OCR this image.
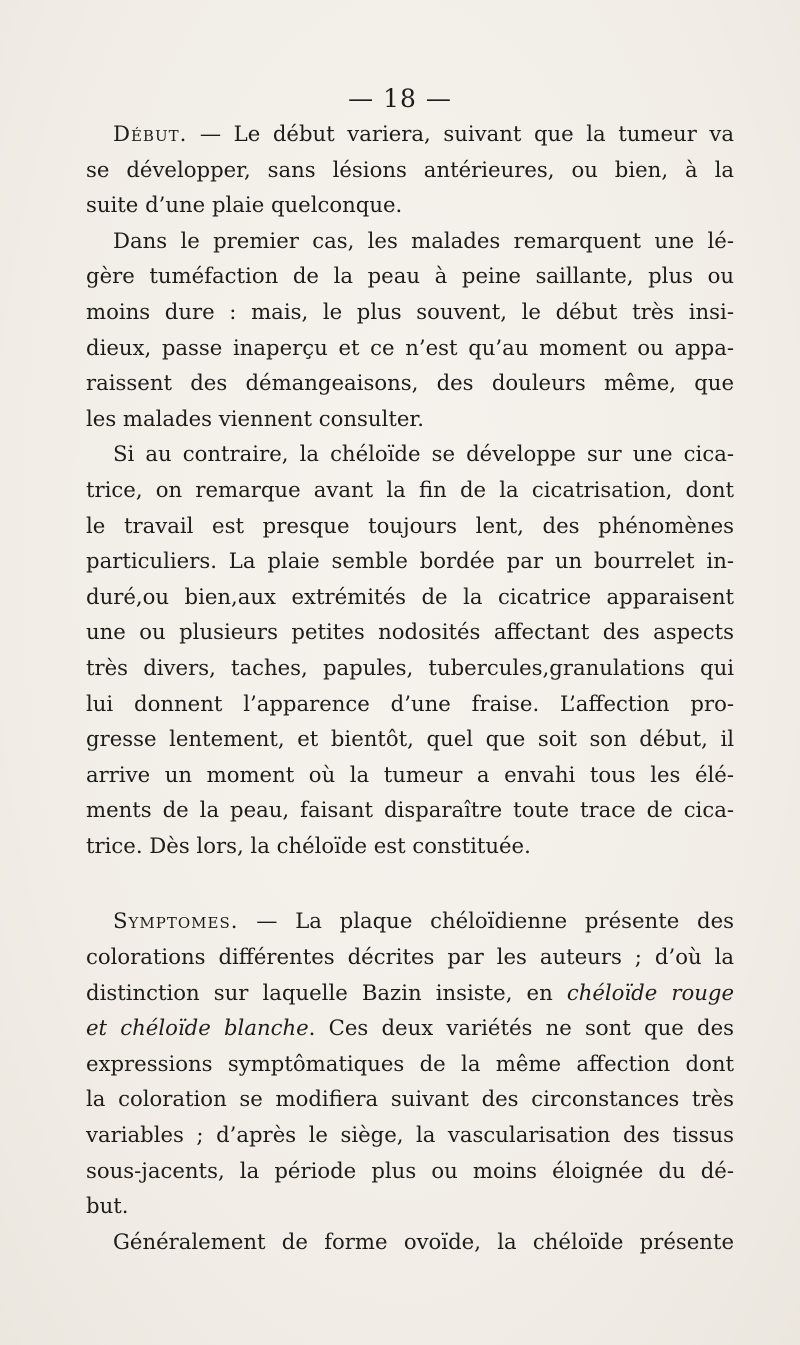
— 18 —
Début. — Le début variera, suivant que la tumeur va
se développer, sans lésions antérieures, ou bien, à la
suite d’une plaie quelconque.
Dans le premier cas, les malades remarquent une lé-
gère tuméfaction de la peau à peine saillante, plus ou
moins dure : mais, le plus souvent, le début très insi-
dieux, passe inaperçu et ce n’est qu’au moment ou appa-
raissent des démangeaisons, des douleurs même, que
les malades viennent consulter.
Si au contraire, la chéloïde se développe sur une cica-
trice, on remarque avant la fin de la cicatrisation, dont
le travail est presque toujours lent, des phénomènes
particuliers. La plaie semble bordée par un bourrelet in-
duré,ou bien,aux extrémités de la cicatrice apparaisent
une ou plusieurs petites nodosités affectant des aspects
très divers, taches, papules, tubercules,granulations qui
lui donnent l’apparence d’une fraise. L’affection pro-
gresse lentement, et bientôt, quel que soit son début, il
arrive un moment où la tumeur a envahi tous les élé-
ments de la peau, faisant disparaître toute trace de cica-
trice. Dès lors, la chéloïde est constituée.
Symptomes. — La plaque chéloïdienne présente des
colorations différentes décrites par les auteurs ; d’où la
distinction sur laquelle Bazin insiste, en chéloïde rouge
et chéloïde blanche. Ces deux variétés ne sont que des
expressions symptômatiques de la même affection dont
la coloration se modifiera suivant des circonstances très
variables ; d’après le siège, la vascularisation des tissus
sous-jacents, la période plus ou moins éloignée du dé-
but.
Généralement de forme ovoïde, la chéloïde présente
